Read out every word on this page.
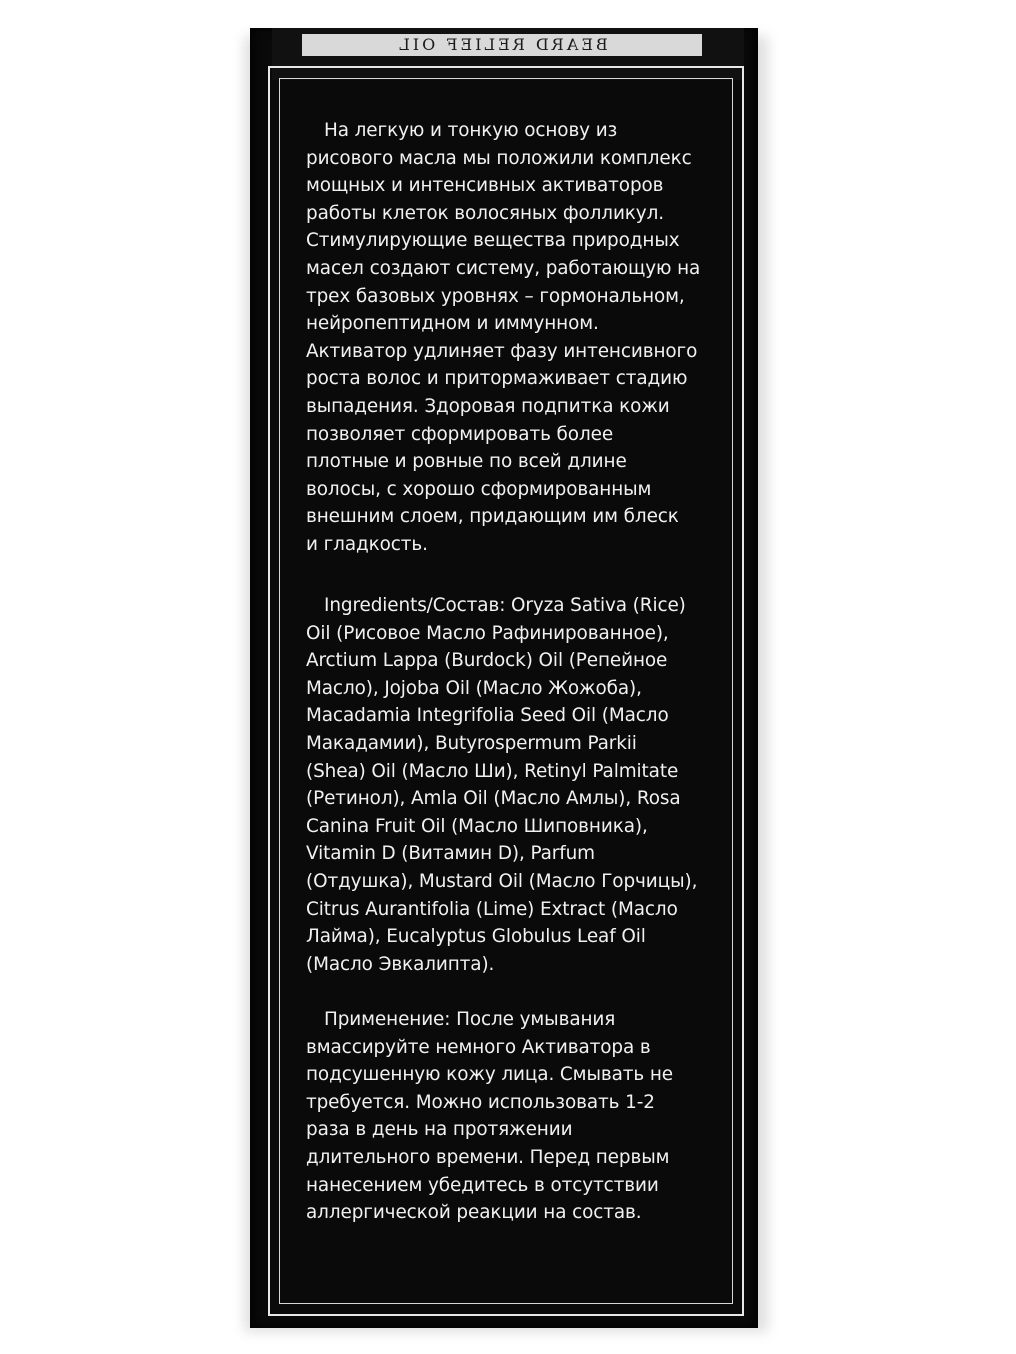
BEARD RELIEF OIL
На легкую и тонкую основу из
рисового масла мы положили комплекс
мощных и интенсивных активаторов
работы клеток волосяных фолликул.
Стимулирующие вещества природных
масел создают систему, работающую на
трех базовых уровнях – гормональном,
нейропептидном и иммунном.
Активатор удлиняет фазу интенсивного
роста волос и притормаживает стадию
выпадения. Здоровая подпитка кожи
позволяет сформировать более
плотные и ровные по всей длине
волосы, с хорошо сформированным
внешним слоем, придающим им блеск
и гладкость.
Ingredients/Состав: Oryza Sativa (Rice)
Oil (Рисовое Масло Рафинированное),
Arctium Lappa (Burdock) Oil (Репейное
Масло), Jojoba Oil (Масло Жожоба),
Macadamia Integrifolia Seed Oil (Масло
Макадамии), Butyrospermum Parkii
(Shea) Oil (Масло Ши), Retinyl Palmitate
(Ретинол), Amla Oil (Масло Амлы), Rosa
Canina Fruit Oil (Масло Шиповника),
Vitamin D (Витамин D), Parfum
(Отдушка), Mustard Oil (Масло Горчицы),
Citrus Aurantifolia (Lime) Extract (Масло
Лайма), Eucalyptus Globulus Leaf Oil
(Масло Эвкалипта).
Применение: После умывания
вмассируйте немного Активатора в
подсушенную кожу лица. Смывать не
требуется. Можно использовать 1-2
раза в день на протяжении
длительного времени. Перед первым
нанесением убедитесь в отсутствии
аллергической реакции на состав.
